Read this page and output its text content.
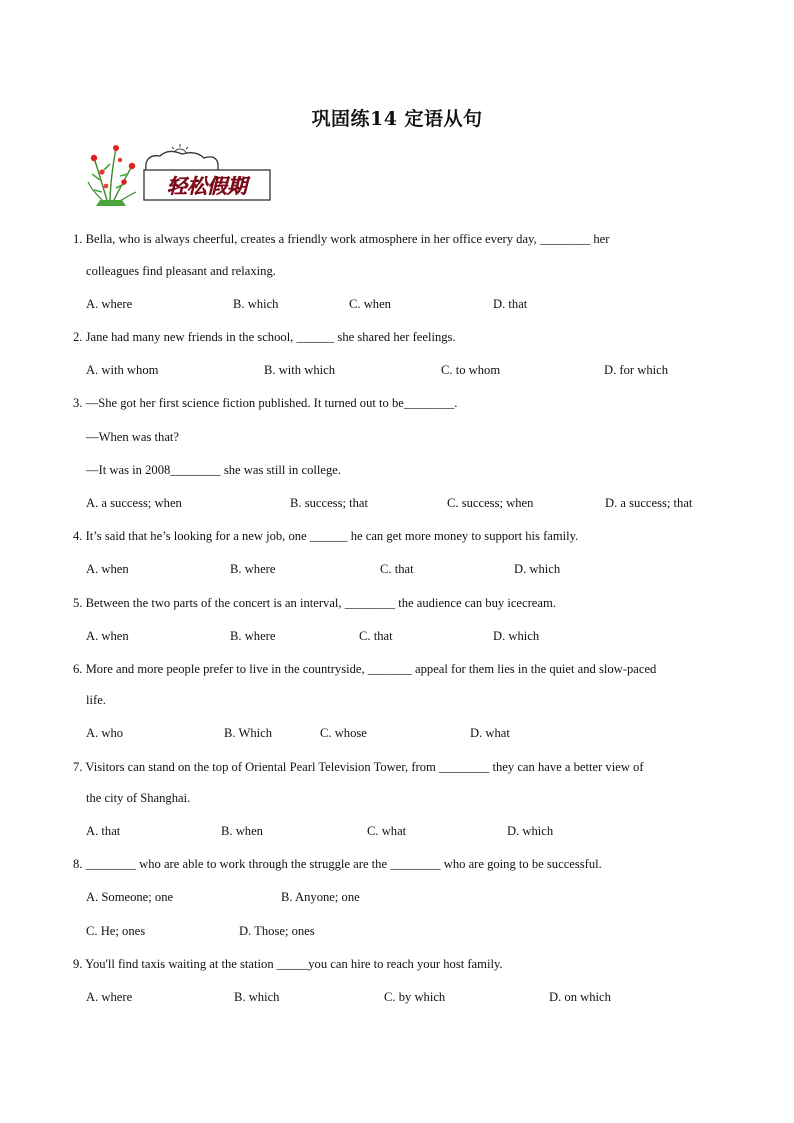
巩固练14 定语从句
轻松假期
1. Bella, who is always cheerful, creates a friendly work atmosphere in her office every day, ________ her
colleagues find pleasant and relaxing.
A. where	B. which	C. when	D. that
2. Jane had many new friends in the school, ______ she shared her feelings.
A. with whom	B. with which	C. to whom	D. for which
3. —She got her first science fiction published. It turned out to be________.
—When was that?
—It was in 2008________ she was still in college.
A. a success; when	B. success; that	C. success; when	D. a success; that
4. It’s said that he’s looking for a new job, one ______ he can get more money to support his family.
A. when	B. where	C. that	D. which
5. Between the two parts of the concert is an interval, ________ the audience can buy icecream.
A. when	B. where	C. that	D. which
6. More and more people prefer to live in the countryside, _______ appeal for them lies in the quiet and slow-paced
life.
A. who	B. Which	C. whose	D. what
7. Visitors can stand on the top of Oriental Pearl Television Tower, from ________ they can have a better view of
the city of Shanghai.
A. that	B. when	C. what	D. which
8. ________ who are able to work through the struggle are the ________ who are going to be successful.
A. Someone; one	B. Anyone; one
C. He; ones	D. Those; ones
9. You'll find taxis waiting at the station _____you can hire to reach your host family.
A. where	B. which	C. by which	D. on which
